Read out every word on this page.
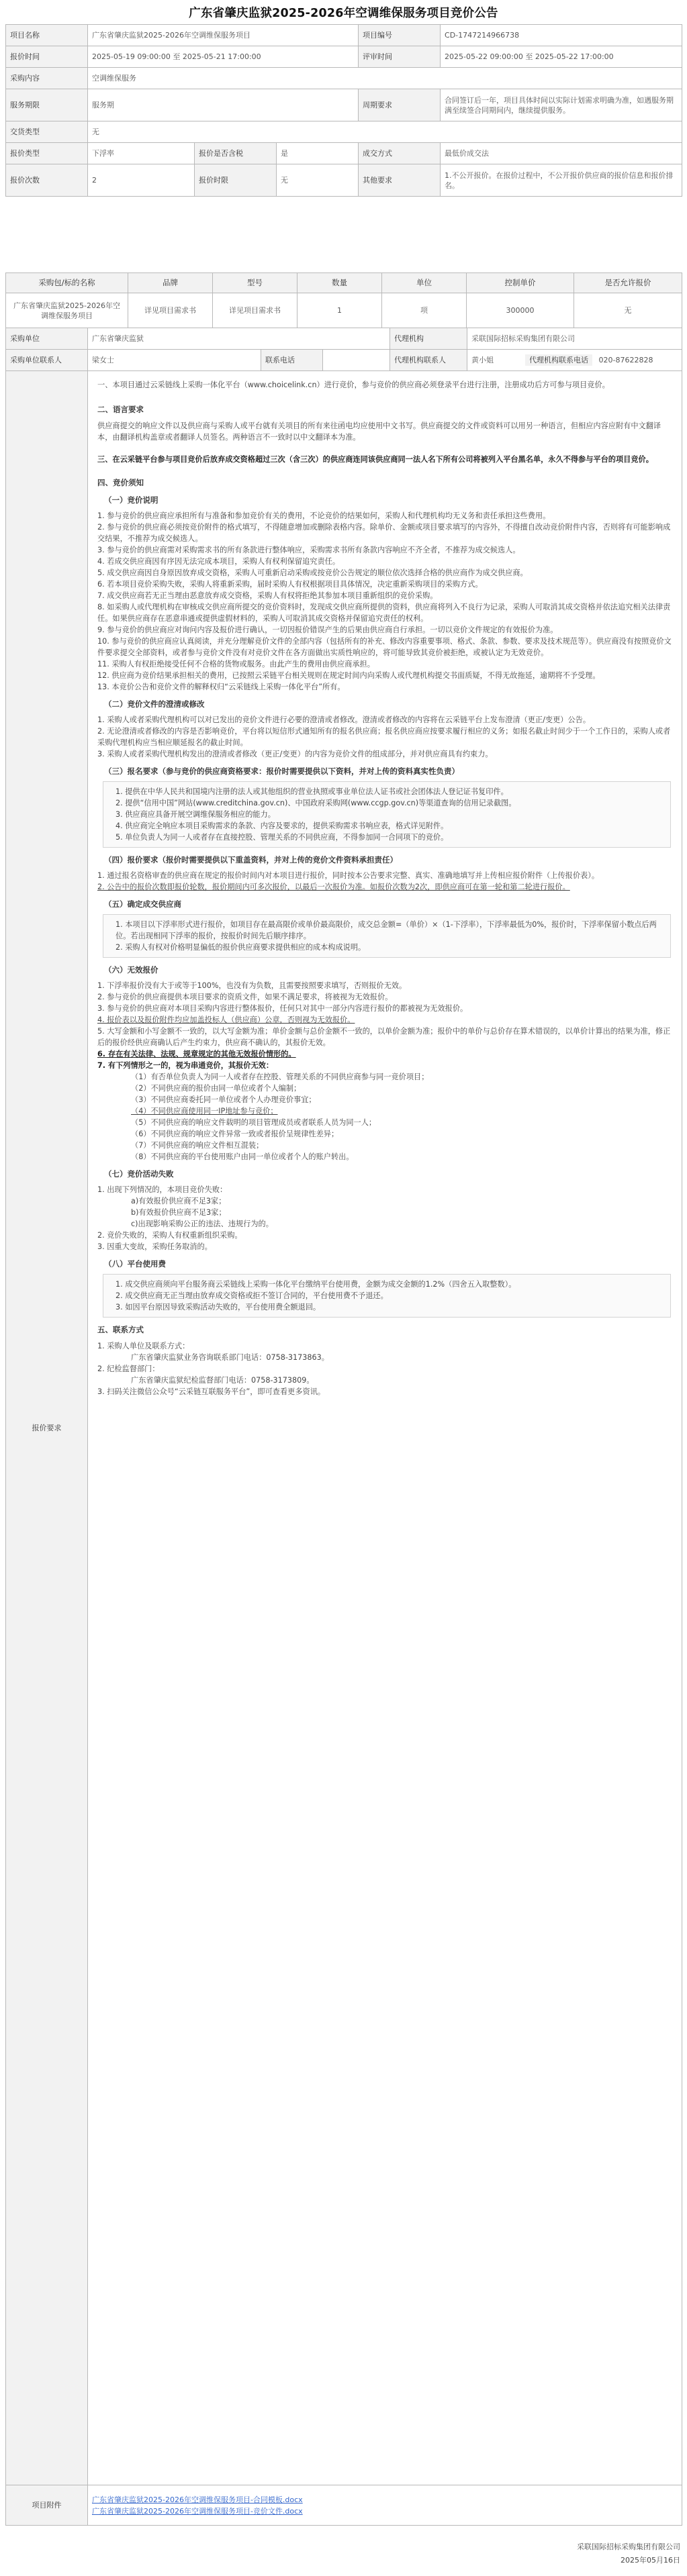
广东省肇庆监狱2025-2026年空调维保服务项目竞价公告
项目名称	广东省肇庆监狱2025-2026年空调维保服务项目			项目编号	CD-1747214966738
报价时间	2025-05-19 09:00:00 至 2025-05-21 17:00:00			评审时间	2025-05-22 09:00:00 至 2025-05-22 17:00:00
采购内容	空调维保服务				
服务期限	服务期			周期要求	合同签订后一年，项目具体时间以实际计划需求明确为准，如遇服务期满至续签合同期间内，继续提供服务。
交货类型	无				
报价类型	下浮率	报价是否含税	是	成交方式	最低价成交法
报价次数	2	报价时限	无	其他要求	1.不公开报价。在报价过程中，不公开报价供应商的报价信息和报价排名。
采购包/标的名称	品牌	型号	数量	单位	控制单价	是否允许报价
广东省肇庆监狱2025-2026年空调维保服务项目	详见项目需求书	详见项目需求书	1	项	300000	无
采购单位	广东省肇庆监狱			代理机构	采联国际招标采购集团有限公司
采购单位联系人	梁女士	联系电话		代理机构联系人	黄小姐 代理机构联系电话 020-87622828
报价要求	

一、本项目通过云采链线上采购一体化平台（www.choicelink.cn）进行竞价，参与竞价的供应商必须登录平台进行注册，注册成功后方可参与项目竞价。

二、语言要求

供应商提交的响应文件以及供应商与采购人或平台就有关项目的所有来往函电均应使用中文书写。供应商提交的文件或资料可以用另一种语言，但相应内容应附有中文翻译本，由翻译机构盖章或者翻译人员签名。两种语言不一致时以中文翻译本为准。

三、在云采链平台参与项目竞价后放弃成交资格超过三次（含三次）的供应商连同该供应商同一法人名下所有公司将被列入平台黑名单，永久不得参与平台的项目竞价。

四、竞价须知
（一）竞价说明

1. 参与竞价的供应商应承担所有与准备和参加竞价有关的费用，不论竞价的结果如何，采购人和代理机构均无义务和责任承担这些费用。

2. 参与竞价的供应商必须按竞价附件的格式填写，不得随意增加或删除表格内容。除单价、金额或项目要求填写的内容外，不得擅自改动竞价附件内容，否则将有可能影响成交结果，不推荐为成交候选人。

3. 参与竞价的供应商需对采购需求书的所有条款进行整体响应，采购需求书所有条款内容响应不齐全者，不推荐为成交候选人。

4. 若成交供应商因有序因无法完成本项目，采购人有权利保留追究责任。

5. 成交供应商因自身原因放弃成交资格，采购人可重新启动采购或按竞价公告规定的顺位依次选择合格的供应商作为成交供应商。

6. 若本项目竞价采购失败，采购人将重新采购，届时采购人有权根据项目具体情况，决定重新采购项目的采购方式。

7. 成交供应商若无正当理由恶意放弃成交资格，采购人有权将拒绝其参加本项目重新组织的竞价采购。

8. 如采购人或代理机构在审核成交供应商所提交的竞价资料时，发现成交供应商所提供的资料，供应商将列入不良行为记录，采购人可取消其成交资格并依法追究相关法律责任。如果供应商存在恶意串通或提供虚假材料的，采购人可取消其成交资格并保留追究责任的权利。

9. 参与竞价的供应商应对询问内容及报价进行确认，一切因报价错误产生的后果由供应商自行承担。一切以竞价文件规定的有效报价为准。

10. 参与竞价的供应商应认真阅读，并充分理解竞价文件的全部内容（包括所有的补充、修改内容重要事项、格式、条款、参数、要求及技术规范等）。供应商没有按照竞价文件要求提交全部资料，或者参与竞价文件没有对竞价文件在各方面做出实质性响应的，将可能导致其竞价被拒绝，或被认定为无效竞价。

11. 采购人有权拒绝接受任何不合格的货物或服务。由此产生的费用由供应商承担。

12. 供应商为竞价结果承担相关的费用，已按照云采链平台相关规则在规定时间内向采购人或代理机构提交书面质疑，不得无故拖延，逾期将不予受理。

13. 本竞价公告和竞价文件的解释权归“云采链线上采购一体化平台”所有。

（二）竞价文件的澄清或修改

1. 采购人或者采购代理机构可以对已发出的竞价文件进行必要的澄清或者修改。澄清或者修改的内容将在云采链平台上发布澄清（更正/变更）公告。

2. 无论澄清或者修改的内容是否影响竞价，平台将以短信形式通知所有的报名供应商；报名供应商应按要求履行相应的义务；如报名截止时间少于一个工作日的，采购人或者采购代理机构应当相应顺延报名的截止时间。

3. 采购人或者采购代理机构发出的澄清或者修改（更正/变更）的内容为竞价文件的组成部分，并对供应商具有约束力。

（三）报名要求（参与竞价的供应商资格要求：报价时需要提供以下资料，并对上传的资料真实性负责）

1. 提供在中华人民共和国境内注册的法人或其他组织的营业执照或事业单位法人证书或社会团体法人登记证书复印件。

2. 提供“信用中国”网站(www.creditchina.gov.cn)、中国政府采购网(www.ccgp.gov.cn)等渠道查询的信用记录截图。

3. 供应商应具备开展空调维保服务相应的能力。

4. 供应商完全响应本项目采购需求的条款、内容及要求的，提供采购需求书响应表，格式详见附件。

5. 单位负责人为同一人或者存在直接控股、管理关系的不同供应商，不得参加同一合同项下的竞价。

（四）报价要求（报价时需要提供以下重盖资料，并对上传的竞价文件资料承担责任）

1. 通过报名资格审查的供应商在规定的报价时间内对本项目进行报价，同时按本公告要求完整、真实、准确地填写并上传相应报价附件（上传报价表）。

2. 公告中的报价次数即报价轮数，报价期间内可多次报价，以最后一次报价为准。如报价次数为2次，即供应商可在第一轮和第二轮进行报价。

（五）确定成交供应商

1. 本项目以下浮率形式进行报价，如项目存在最高限价或单价最高限价，成交总金额=（单价）×（1-下浮率），下浮率最低为0%，报价时，下浮率保留小数点后两位。若出现相同下浮率的报价，按报价时间先后顺序排序。

2. 采购人有权对价格明显偏低的报价供应商要求提供相应的成本构成说明。

（六）无效报价

1. 下浮率报价没有大于或等于100%，也没有为负数，且需要按照要求填写，否则报价无效。

2. 参与竞价的供应商提供本项目要求的资质文件，如果不满足要求，将被视为无效报价。

3. 参与竞价的供应商对本项目采购内容进行整体报价，任何只对其中一部分内容进行报价的都被视为无效报价。

4. 报价表以及报价附件均应加盖投标人（供应商）公章，否则视为无效报价。

5. 大写金额和小写金额不一致的，以大写金额为准；单价金额与总价金额不一致的，以单价金额为准；报价中的单价与总价存在算术错误的，以单价计算出的结果为准，修正后的报价经供应商确认后产生约束力，供应商不确认的，其报价无效。

6. 存在有关法律、法规、规章规定的其他无效报价情形的。

7. 有下列情形之一的，视为串通竞价，其报价无效：

（1）有否单位负责人为同一人或者存在控股、管理关系的不同供应商参与同一竞价项目；

（2）不同供应商的报价由同一单位或者个人编制；

（3）不同供应商委托同一单位或者个人办理竞价事宜；

（4）不同供应商使用同一IP地址参与竞价；

（5）不同供应商的响应文件载明的项目管理成员或者联系人员为同一人；

（6）不同供应商的响应文件异常一致或者报价呈规律性差异；

（7）不同供应商的响应文件相互混装；

（8）不同供应商的平台使用账户由同一单位或者个人的账户转出。

（七）竞价活动失败

1. 出现下列情况的，本项目竞价失败：

a)有效报价供应商不足3家；

b)有效报价供应商不足3家；

c)出现影响采购公正的违法、违规行为的。

2. 竞价失败的，采购人有权重新组织采购。

3. 因重大变故，采购任务取消的。

（八）平台使用费

1. 成交供应商须向平台服务商云采链线上采购一体化平台缴纳平台使用费，金额为成交金额的1.2%（四舍五入取整数）。

2. 成交供应商无正当理由放弃成交资格或拒不签订合同的，平台使用费不予退还。

3. 如因平台原因导致采购活动失败的，平台使用费全额退回。

五、联系方式

1. 采购人单位及联系方式：

广东省肇庆监狱业务咨询联系部门电话：0758-3173863。

2. 纪检监督部门：

广东省肇庆监狱纪检监督部门电话：0758-3173809。

3. 扫码关注微信公众号“云采链互联服务平台”，即可查看更多资讯。

项目附件	
广东省肇庆监狱2025-2026年空调维保服务项目-合同模板.docx
广东省肇庆监狱2025-2026年空调维保服务项目-竞价文件.docx
采联国际招标采购集团有限公司
2025年05月16日
